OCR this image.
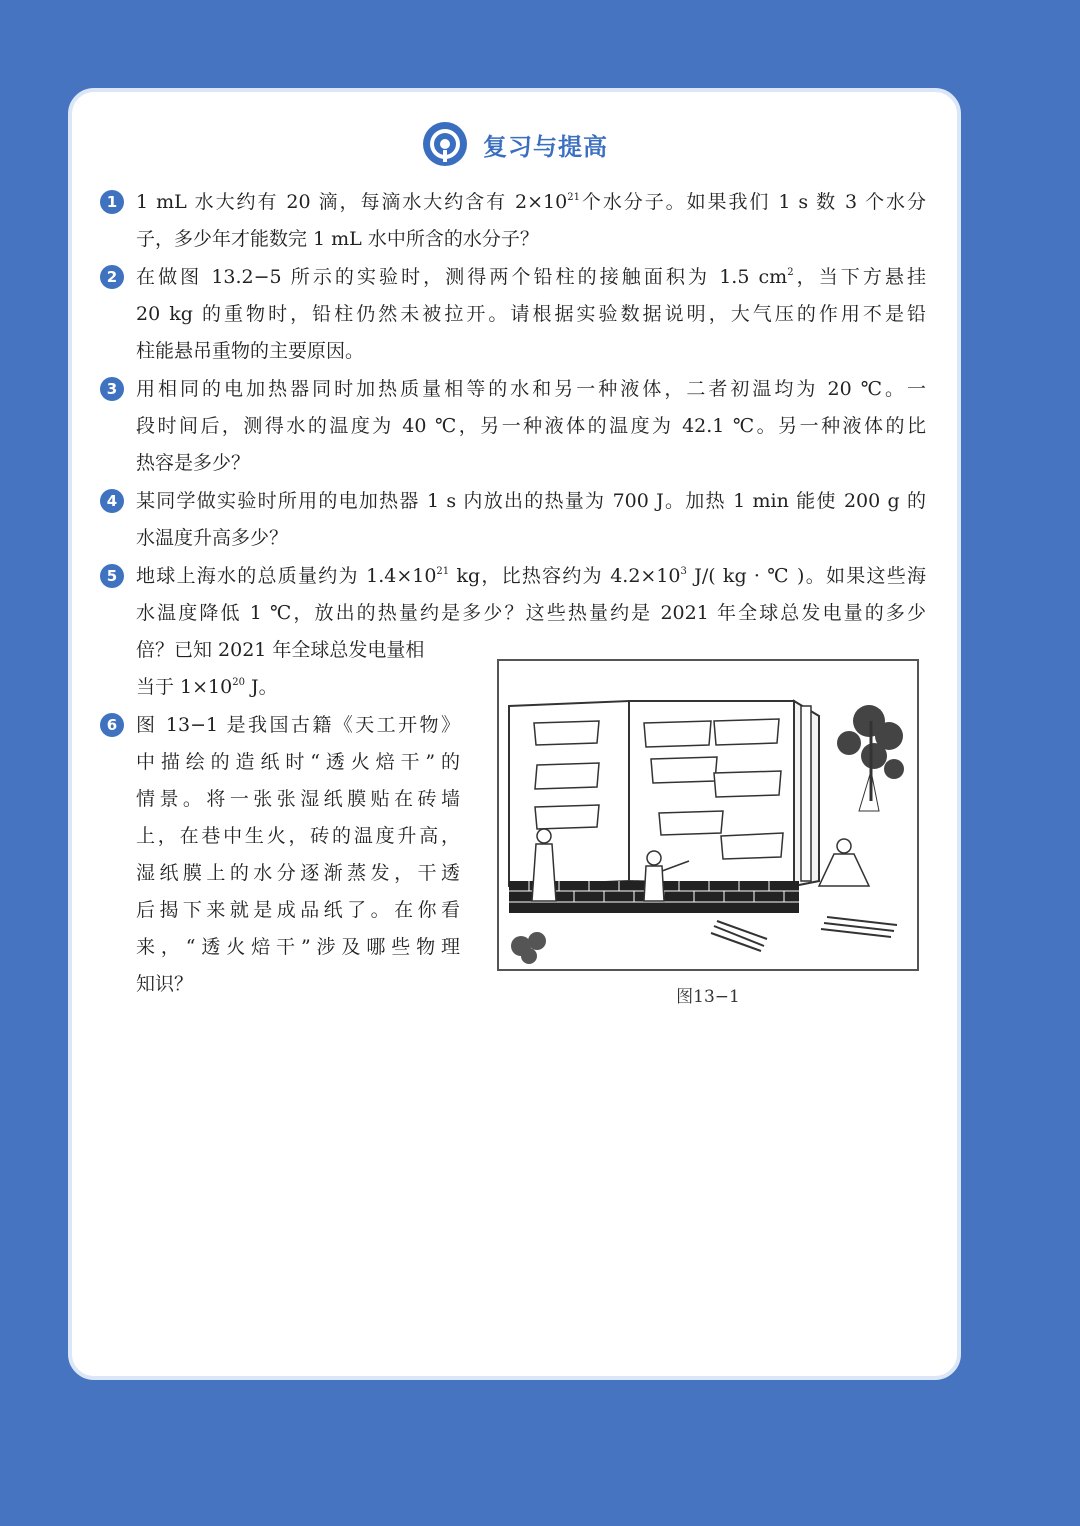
复习与提高
1 1 mL 水大约有 20 滴，每滴水大约含有 $2\times 10^{21}$个水分子。如果我们 1 s 数 3 个水分
子，多少年才能数完 1 mL 水中所含的水分子？
2 在做图 13.2−5 所示的实验时，测得两个铅柱的接触面积为 1.5 $cm^2$，当下方悬挂
20 kg 的重物时，铅柱仍然未被拉开。请根据实验数据说明，大气压的作用不是铅
柱能悬吊重物的主要原因。
3 用相同的电加热器同时加热质量相等的水和另一种液体，二者初温均为 20 ℃。一
段时间后，测得水的温度为 40 ℃，另一种液体的温度为 42.1 ℃。另一种液体的比
热容是多少？
4 某同学做实验时所用的电加热器 1 s 内放出的热量为 700 J。加热 1 min 能使 200 g 的
水温度升高多少？
5 地球上海水的总质量约为 $1.4\times 10^{21}$ kg，比热容约为 $4.2\times 10^3$ J/( kg · ℃ )。如果这些海
水温度降低 1 ℃，放出的热量约是多少？这些热量约是 2021 年全球总发电量的多少
倍？已知 2021 年全球总发电量相
当于 $1\times 10^{20}$ J。
6 图 13−1 是我国古籍《天工开物》
中描绘的造纸时“透火焙干”的
情景。将一张张湿纸膜贴在砖墙
上，在巷中生火，砖的温度升高，
湿纸膜上的水分逐渐蒸发，干透
后揭下来就是成品纸了。在你看
来，“透火焙干”涉及哪些物理
知识？
图13−1
